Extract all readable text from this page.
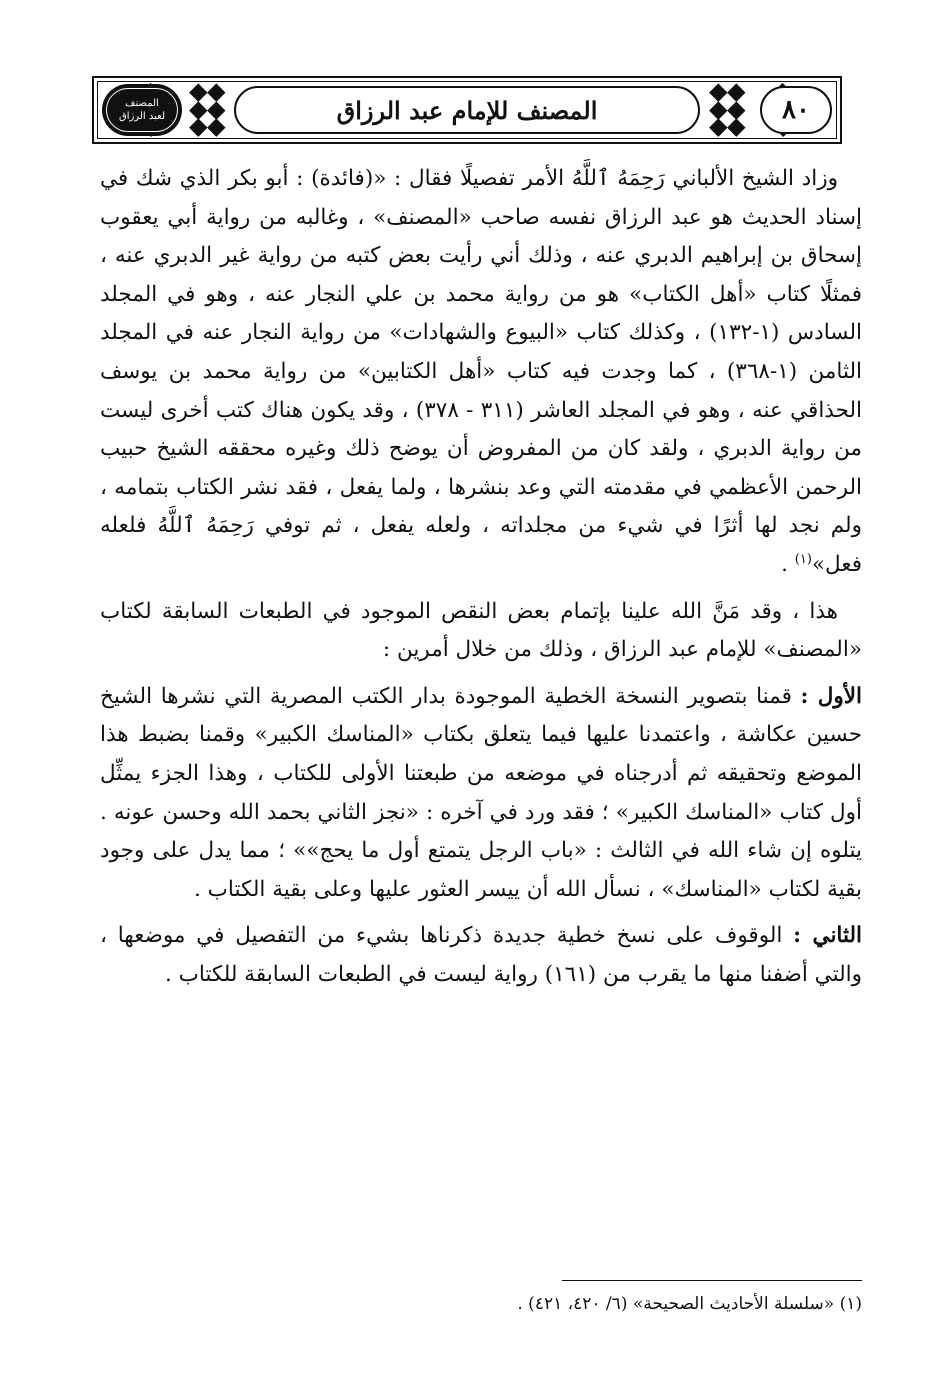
٨٠
المصنف للإمام عبد الرزاق
المصنف
لعبد الرزاق

وزاد الشيخ الألباني رَحِمَهُ ٱللَّهُ الأمر تفصيلًا فقال : «(فائدة) : أبو بكر الذي شك في إسناد الحديث هو عبد الرزاق نفسه صاحب «المصنف» ، وغالبه من رواية أبي يعقوب إسحاق بن إبراهيم الدبري عنه ، وذلك أني رأيت بعض كتبه من رواية غير الدبري عنه ، فمثلًا كتاب «أهل الكتاب» هو من رواية محمد بن علي النجار عنه ، وهو في المجلد السادس (١-١٣٢) ، وكذلك كتاب «البيوع والشهادات» من رواية النجار عنه في المجلد الثامن (١-٣٦٨) ، كما وجدت فيه كتاب «أهل الكتابين» من رواية محمد بن يوسف الحذاقي عنه ، وهو في المجلد العاشر (٣١١ - ٣٧٨) ، وقد يكون هناك كتب أخرى ليست من رواية الدبري ، ولقد كان من المفروض أن يوضح ذلك وغيره محققه الشيخ حبيب الرحمن الأعظمي في مقدمته التي وعد بنشرها ، ولما يفعل ، فقد نشر الكتاب بتمامه ، ولم نجد لها أثرًا في شيء من مجلداته ، ولعله يفعل ، ثم توفي رَحِمَهُ ٱللَّهُ فلعله فعل»$^{(١)}$ .

هذا ، وقد مَنَّ الله علينا بإتمام بعض النقص الموجود في الطبعات السابقة لكتاب «المصنف» للإمام عبد الرزاق ، وذلك من خلال أمرين :

الأول : قمنا بتصوير النسخة الخطية الموجودة بدار الكتب المصرية التي نشرها الشيخ حسين عكاشة ، واعتمدنا عليها فيما يتعلق بكتاب «المناسك الكبير» وقمنا بضبط هذا الموضع وتحقيقه ثم أدرجناه في موضعه من طبعتنا الأولى للكتاب ، وهذا الجزء يمثِّل أول كتاب «المناسك الكبير» ؛ فقد ورد في آخره : «نجز الثاني بحمد الله وحسن عونه . يتلوه إن شاء الله في الثالث : «باب الرجل يتمتع أول ما يحج»» ؛ مما يدل على وجود بقية لكتاب «المناسك» ، نسأل الله أن ييسر العثور عليها وعلى بقية الكتاب .

الثاني : الوقوف على نسخ خطية جديدة ذكرناها بشيء من التفصيل في موضعها ، والتي أضفنا منها ما يقرب من (١٦١) رواية ليست في الطبعات السابقة للكتاب .

(١) «سلسلة الأحاديث الصحيحة» (٦/ ٤٢٠، ٤٢١) .
